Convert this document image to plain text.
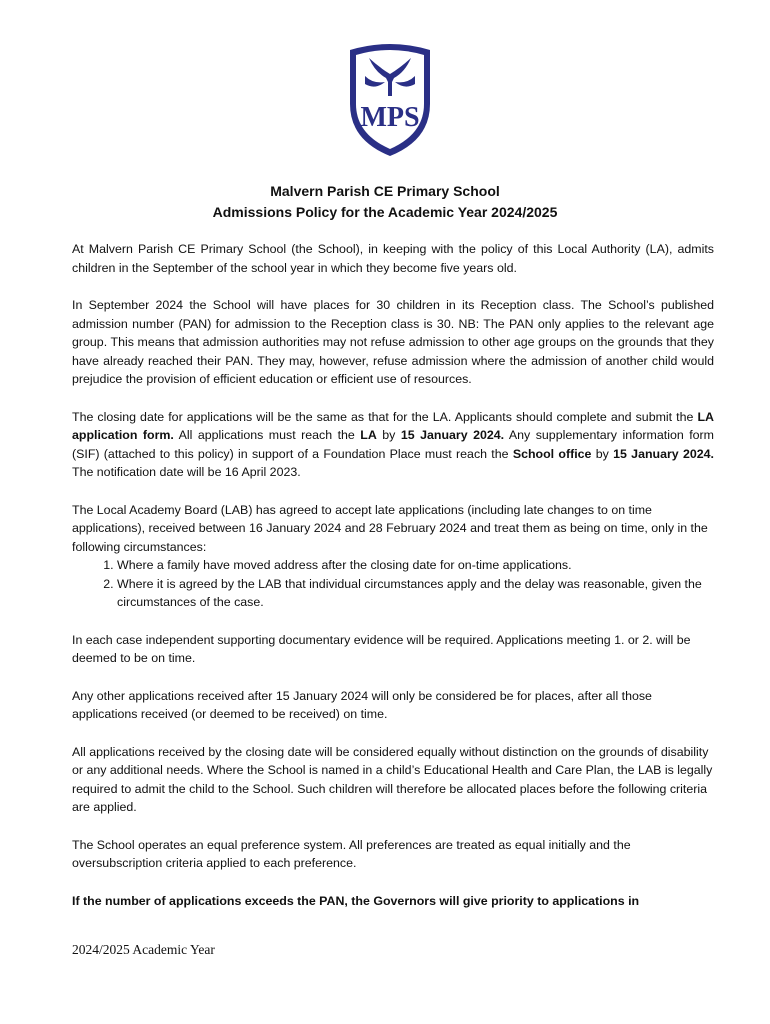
MPS
Malvern Parish CE Primary School
Admissions Policy for the Academic Year 2024/2025

At Malvern Parish CE Primary School (the School), in keeping with the policy of this Local Authority (LA), admits children in the September of the school year in which they become five years old.

In September 2024 the School will have places for 30 children in its Reception class. The School’s published admission number (PAN) for admission to the Reception class is 30. NB: The PAN only applies to the relevant age group. This means that admission authorities may not refuse admission to other age groups on the grounds that they have already reached their PAN. They may, however, refuse admission where the admission of another child would prejudice the provision of efficient education or efficient use of resources.

The closing date for applications will be the same as that for the LA. Applicants should complete and submit the LA application form. All applications must reach the LA by 15 January 2024. Any supplementary information form (SIF) (attached to this policy) in support of a Foundation Place must reach the School office by 15 January 2024. The notification date will be 16 April 2023.

The Local Academy Board (LAB) has agreed to accept late applications (including late changes to on time applications), received between 16 January 2024 and 28 February 2024 and treat them as being on time, only in the following circumstances:

1. Where a family have moved address after the closing date for on-time applications.
2. Where it is agreed by the LAB that individual circumstances apply and the delay was reasonable, given the circumstances of the case.

In each case independent supporting documentary evidence will be required. Applications meeting 1. or 2. will be deemed to be on time.

Any other applications received after 15 January 2024 will only be considered be for places, after all those applications received (or deemed to be received) on time.

All applications received by the closing date will be considered equally without distinction on the grounds of disability or any additional needs. Where the School is named in a child’s Educational Health and Care Plan, the LAB is legally required to admit the child to the School. Such children will therefore be allocated places before the following criteria are applied.

The School operates an equal preference system. All preferences are treated as equal initially and the oversubscription criteria applied to each preference.

If the number of applications exceeds the PAN, the Governors will give priority to applications in

2024/2025 Academic Year
